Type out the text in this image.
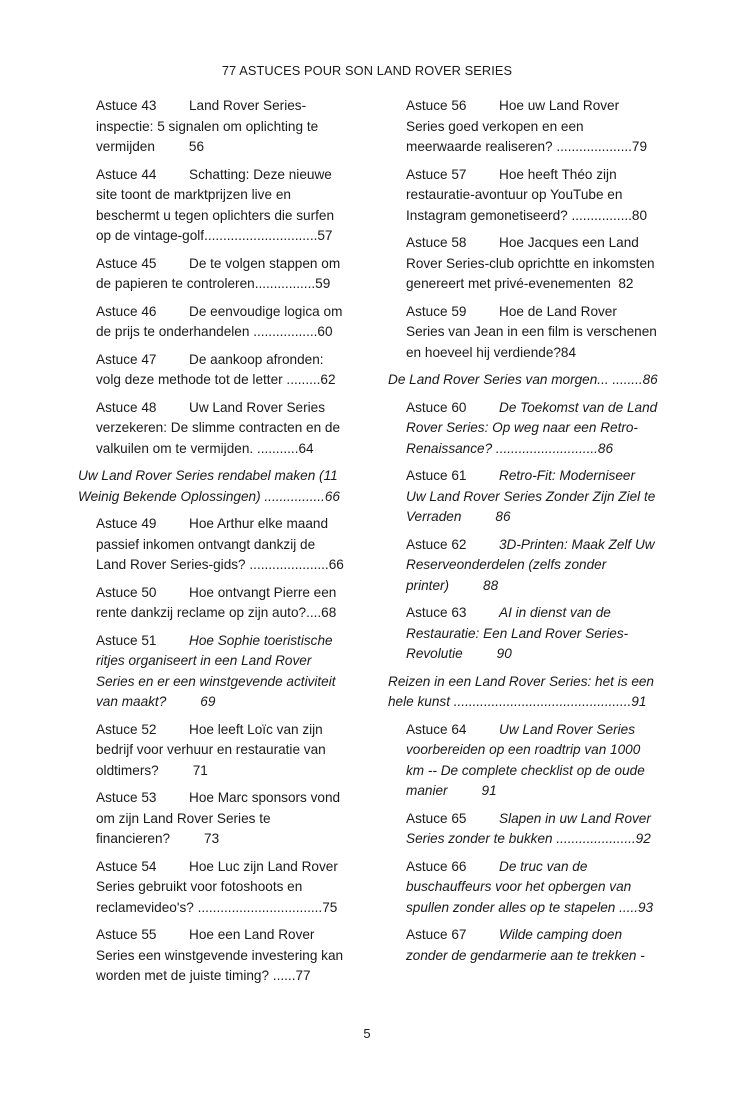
77 ASTUCES POUR SON LAND ROVER SERIES
Astuce 43 Land Rover Series-inspectie: 5 signalen om oplichting te vermijden         56
Astuce 44 Schatting: Deze nieuwe site toont de marktprijzen live en beschermt u tegen oplichters die surfen op de vintage-golf..............................57
Astuce 45 De te volgen stappen om de papieren te controleren................59
Astuce 46 De eenvoudige logica om de prijs te onderhandelen .................60
Astuce 47 De aankoop afronden: volg deze methode tot de letter .........62
Astuce 48 Uw Land Rover Series verzekeren: De slimme contracten en de valkuilen om te vermijden. ...........64
Uw Land Rover Series rendabel maken (11 Weinig Bekende Oplossingen) ................66
Astuce 49 Hoe Arthur elke maand passief inkomen ontvangt dankzij de Land Rover Series-gids? .....................66
Astuce 50 Hoe ontvangt Pierre een rente dankzij reclame op zijn auto?....68
Astuce 51 Hoe Sophie toeristische ritjes organiseert in een Land Rover Series en er een winstgevende activiteit van maakt?         69
Astuce 52 Hoe leeft Loïc van zijn bedrijf voor verhuur en restauratie van oldtimers?         71
Astuce 53 Hoe Marc sponsors vond om zijn Land Rover Series te financieren?         73
Astuce 54 Hoe Luc zijn Land Rover Series gebruikt voor fotoshoots en reclamevideo's? .................................75
Astuce 55 Hoe een Land Rover Series een winstgevende investering kan worden met de juiste timing? ......77
Astuce 56 Hoe uw Land Rover Series goed verkopen en een meerwaarde realiseren? ....................79
Astuce 57 Hoe heeft Théo zijn restauratie-avontuur op YouTube en Instagram gemonetiseerd? ................80
Astuce 58 Hoe Jacques een Land Rover Series-club oprichtte en inkomsten genereert met privé-evenementen  82
Astuce 59 Hoe de Land Rover Series van Jean in een film is verschenen en hoeveel hij verdiende?84
De Land Rover Series van morgen... ........86
Astuce 60 De Toekomst van de Land Rover Series: Op weg naar een Retro-Renaissance? ...........................86
Astuce 61 Retro-Fit: Moderniseer Uw Land Rover Series Zonder Zijn Ziel te Verraden         86
Astuce 62 3D-Printen: Maak Zelf Uw Reserveonderdelen (zelfs zonder printer)         88
Astuce 63 AI in dienst van de Restauratie: Een Land Rover Series-Revolutie         90
Reizen in een Land Rover Series: het is een hele kunst ...............................................91
Astuce 64 Uw Land Rover Series voorbereiden op een roadtrip van 1000 km -- De complete checklist op de oude manier         91
Astuce 65 Slapen in uw Land Rover Series zonder te bukken .....................92
Astuce 66 De truc van de buschauffeurs voor het opbergen van spullen zonder alles op te stapelen .....93
Astuce 67 Wilde camping doen zonder de gendarmerie aan te trekken -
5
